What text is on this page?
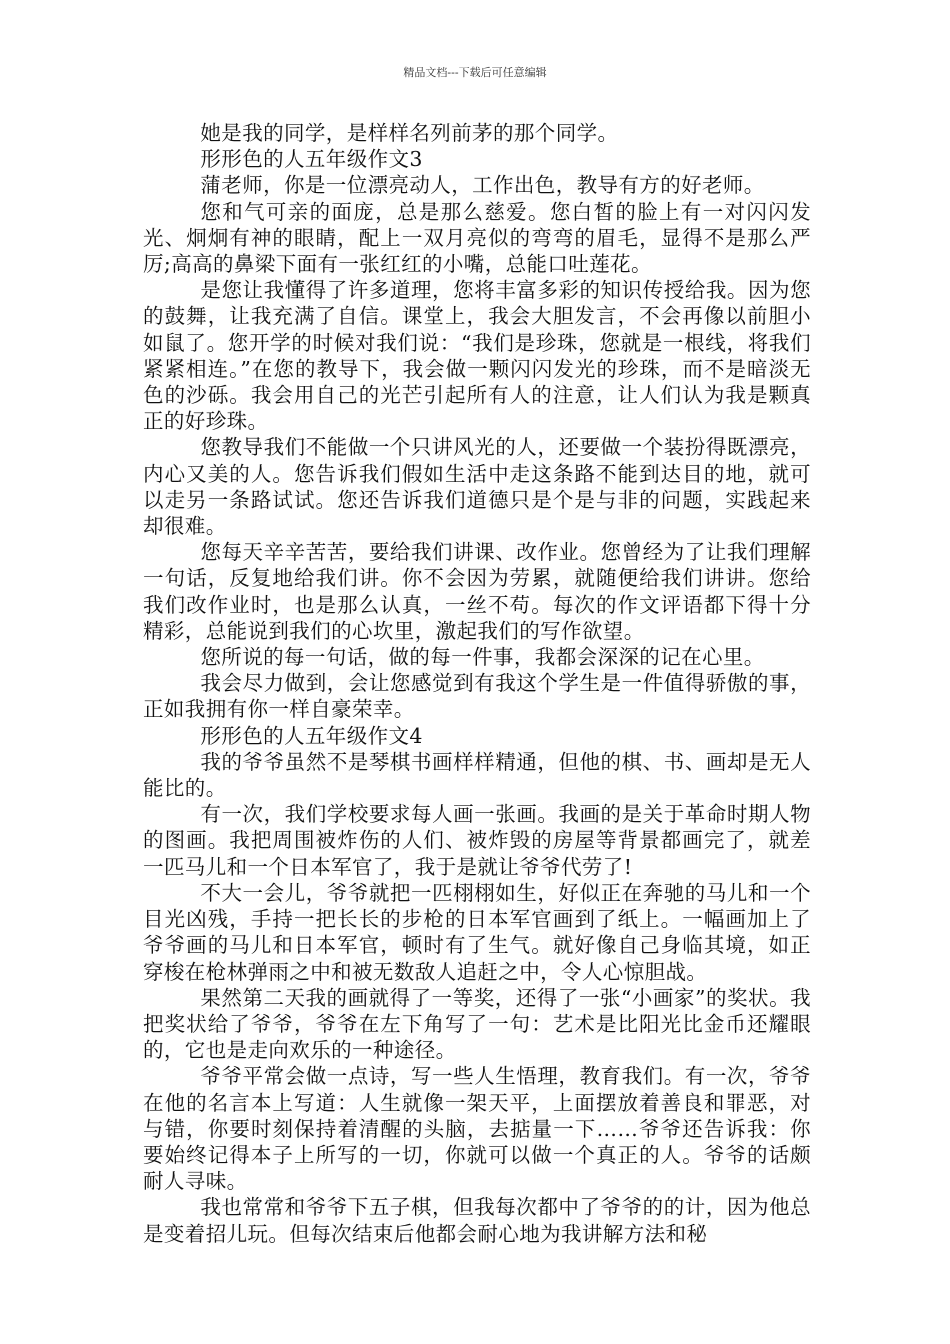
精品文档---下载后可任意编辑

她是我的同学，是样样名列前茅的那个同学。

形形色的人五年级作文3

蒲老师，你是一位漂亮动人，工作出色，教导有方的好老师。

您和气可亲的面庞，总是那么慈爱。您白皙的脸上有一对闪闪发光、炯炯有神的眼睛，配上一双月亮似的弯弯的眉毛，显得不是那么严厉;高高的鼻梁下面有一张红红的小嘴，总能口吐莲花。

是您让我懂得了许多道理，您将丰富多彩的知识传授给我。因为您的鼓舞，让我充满了自信。课堂上，我会大胆发言，不会再像以前胆小如鼠了。您开学的时候对我们说：“我们是珍珠，您就是一根线，将我们紧紧相连。”在您的教导下，我会做一颗闪闪发光的珍珠，而不是暗淡无色的沙砾。我会用自己的光芒引起所有人的注意，让人们认为我是颗真正的好珍珠。

您教导我们不能做一个只讲风光的人，还要做一个装扮得既漂亮，内心又美的人。您告诉我们假如生活中走这条路不能到达目的地，就可以走另一条路试试。您还告诉我们道德只是个是与非的问题，实践起来却很难。

您每天辛辛苦苦，要给我们讲课、改作业。您曾经为了让我们理解一句话，反复地给我们讲。你不会因为劳累，就随便给我们讲讲。您给我们改作业时，也是那么认真，一丝不苟。每次的作文评语都下得十分精彩，总能说到我们的心坎里，激起我们的写作欲望。

您所说的每一句话，做的每一件事，我都会深深的记在心里。

我会尽力做到，会让您感觉到有我这个学生是一件值得骄傲的事，正如我拥有你一样自豪荣幸。

形形色的人五年级作文4

我的爷爷虽然不是琴棋书画样样精通，但他的棋、书、画却是无人能比的。

有一次，我们学校要求每人画一张画。我画的是关于革命时期人物的图画。我把周围被炸伤的人们、被炸毁的房屋等背景都画完了，就差一匹马儿和一个日本军官了，我于是就让爷爷代劳了!

不大一会儿，爷爷就把一匹栩栩如生，好似正在奔驰的马儿和一个目光凶残，手持一把长长的步枪的日本军官画到了纸上。一幅画加上了爷爷画的马儿和日本军官，顿时有了生气。就好像自己身临其境，如正穿梭在枪林弹雨之中和被无数敌人追赶之中，令人心惊胆战。

果然第二天我的画就得了一等奖，还得了一张“小画家”的奖状。我把奖状给了爷爷，爷爷在左下角写了一句：艺术是比阳光比金币还耀眼的，它也是走向欢乐的一种途径。

爷爷平常会做一点诗，写一些人生悟理，教育我们。有一次，爷爷在他的名言本上写道：人生就像一架天平，上面摆放着善良和罪恶，对与错，你要时刻保持着清醒的头脑，去掂量一下……爷爷还告诉我：你要始终记得本子上所写的一切，你就可以做一个真正的人。爷爷的话颇耐人寻味。

我也常常和爷爷下五子棋，但我每次都中了爷爷的的计，因为他总是变着招儿玩。但每次结束后他都会耐心地为我讲解方法和秘
